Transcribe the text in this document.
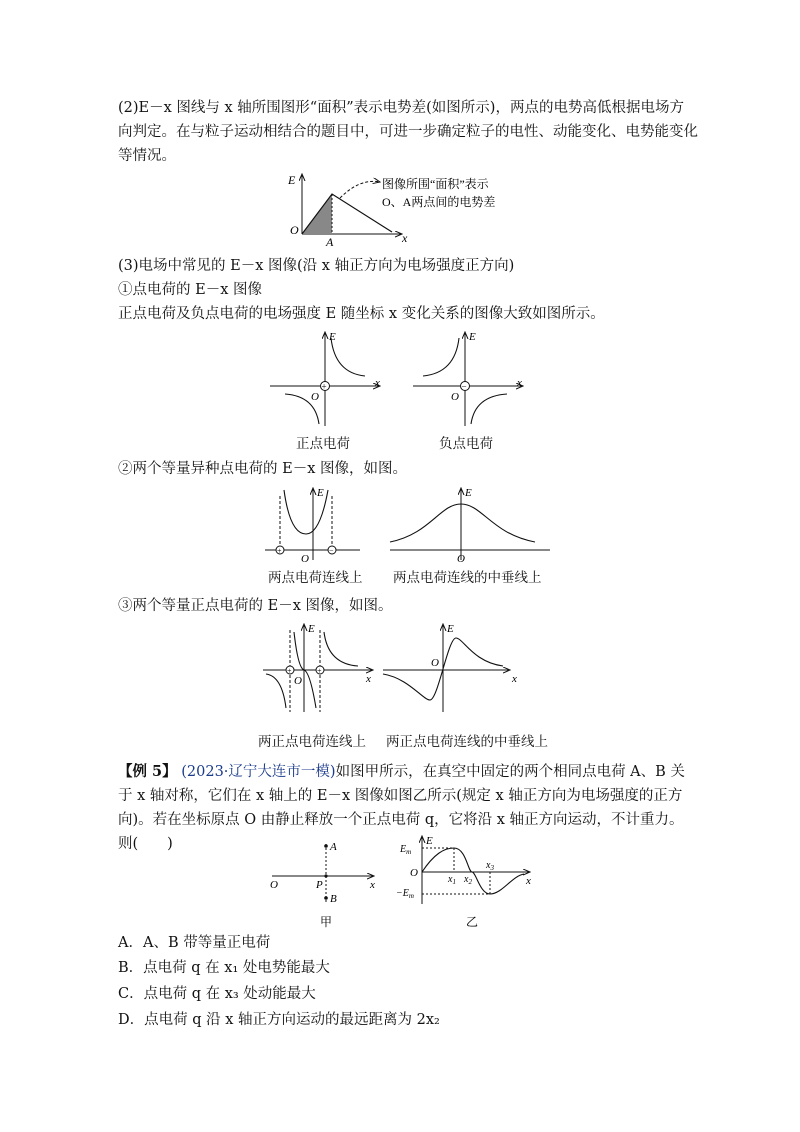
(2)E－x 图线与 x 轴所围图形“面积”表示电势差(如图所示)，两点的电势高低根据电场方向判定。在与粒子运动相结合的题目中，可进一步确定粒子的电性、动能变化、电势能变化等情况。

E
O
A	x
图像所围“面积”表示
O、A两点间的电势差

(3)电场中常见的 E－x 图像(沿 x 轴正方向为电场强度正方向)

①点电荷的 E－x 图像

正点电荷及负点电荷的电场强度 E 随坐标 x 变化关系的图像大致如图所示。

+
E
O
x	−
E
O
x
正点电荷	负点电荷

②两个等量异种点电荷的 E－x 图像，如图。

+	−
E
O
E
O
两点电荷连线上 两点电荷连线的中垂线上

③两个等量正点电荷的 E－x 图像，如图。

+	+
E
O	x
E
O
x
两正点电荷连线上 两正点电荷连线的中垂线上

【例 5】 (2023·辽宁大连市一模)如图甲所示，在真空中固定的两个相同点电荷 A、B 关于 x 轴对称，它们在 x 轴上的 E－x 图像如图乙所示(规定 x 轴正方向为电场强度的正方向)。若在坐标原点 O 由静止释放一个正点电荷 q，它将沿 x 轴正方向运动，不计重力。则(　　)	A
B
O	P	x
甲
E
$E_m$
O
$-E_m$
$x_1$ $x_2$
$x_3$
x
乙
A．A、B 带等量正电荷
B．点电荷 q 在 x₁ 处电势能最大
C．点电荷 q 在 x₃ 处动能最大
D．点电荷 q 沿 x 轴正方向运动的最远距离为 2x₂
